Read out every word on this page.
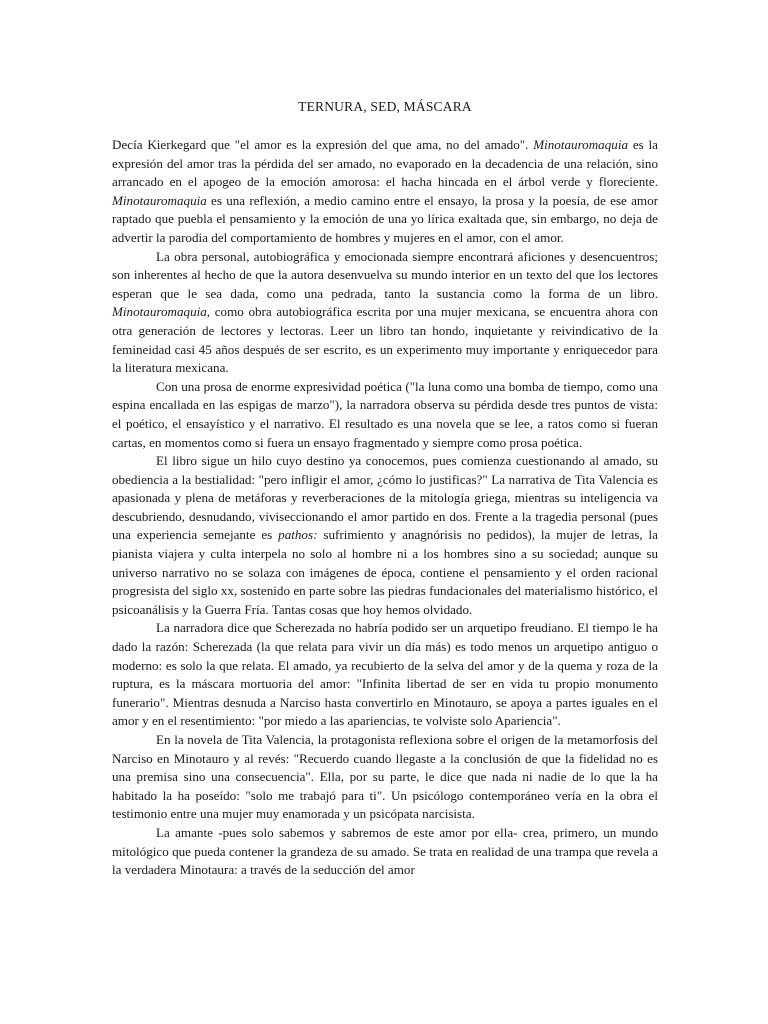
TERNURA, SED, MÁSCARA

Decía Kierkegard que "el amor es la expresión del que ama, no del amado". Minotauromaquia es la expresión del amor tras la pérdida del ser amado, no evaporado en la decadencia de una relación, sino arrancado en el apogeo de la emoción amorosa: el hacha hincada en el árbol verde y floreciente. Minotauromaquia es una reflexión, a medio camino entre el ensayo, la prosa y la poesía, de ese amor raptado que puebla el pensamiento y la emoción de una yo lírica exaltada que, sin embargo, no deja de advertir la parodia del comportamiento de hombres y mujeres en el amor, con el amor.

La obra personal, autobiográfica y emocionada siempre encontrará aficiones y desencuentros; son inherentes al hecho de que la autora desenvuelva su mundo interior en un texto del que los lectores esperan que le sea dada, como una pedrada, tanto la sustancia como la forma de un libro. Minotauromaquia, como obra autobiográfica escrita por una mujer mexicana, se encuentra ahora con otra generación de lectores y lectoras. Leer un libro tan hondo, inquietante y reivindicativo de la femineidad casi 45 años después de ser escrito, es un experimento muy importante y enriquecedor para la literatura mexicana.

Con una prosa de enorme expresividad poética ("la luna como una bomba de tiempo, como una espina encallada en las espigas de marzo"), la narradora observa su pérdida desde tres puntos de vista: el poético, el ensayístico y el narrativo. El resultado es una novela que se lee, a ratos como si fueran cartas, en momentos como si fuera un ensayo fragmentado y siempre como prosa poética.

El libro sigue un hilo cuyo destino ya conocemos, pues comienza cuestionando al amado, su obediencia a la bestialidad: "pero infligir el amor, ¿cómo lo justificas?" La narrativa de Tita Valencia es apasionada y plena de metáforas y reverberaciones de la mitología griega, mientras su inteligencia va descubriendo, desnudando, viviseccionando el amor partido en dos. Frente a la tragedia personal (pues una experiencia semejante es pathos: sufrimiento y anagnórisis no pedidos), la mujer de letras, la pianista viajera y culta interpela no solo al hombre ni a los hombres sino a su sociedad; aunque su universo narrativo no se solaza con imágenes de época, contiene el pensamiento y el orden racional progresista del siglo xx, sostenido en parte sobre las piedras fundacionales del materialismo histórico, el psicoanálisis y la Guerra Fría. Tantas cosas que hoy hemos olvidado.

La narradora dice que Scherezada no habría podido ser un arquetipo freudiano. El tiempo le ha dado la razón: Scherezada (la que relata para vivir un día más) es todo menos un arquetipo antiguo o moderno: es solo la que relata. El amado, ya recubierto de la selva del amor y de la quema y roza de la ruptura, es la máscara mortuoria del amor: "Infinita libertad de ser en vida tu propio monumento funerario". Mientras desnuda a Narciso hasta convertirlo en Minotauro, se apoya a partes iguales en el amor y en el resentimiento: "por miedo a las apariencias, te volviste solo Apariencia".

En la novela de Tita Valencia, la protagonista reflexiona sobre el origen de la metamorfosis del Narciso en Minotauro y al revés: "Recuerdo cuando llegaste a la conclusión de que la fidelidad no es una premisa sino una consecuencia". Ella, por su parte, le dice que nada ni nadie de lo que la ha habitado la ha poseído: "solo me trabajó para ti". Un psicólogo contemporáneo vería en la obra el testimonio entre una mujer muy enamorada y un psicópata narcisista.

La amante -pues solo sabemos y sabremos de este amor por ella- crea, primero, un mundo mitológico que pueda contener la grandeza de su amado. Se trata en realidad de una trampa que revela a la verdadera Minotaura: a través de la seducción del amor
